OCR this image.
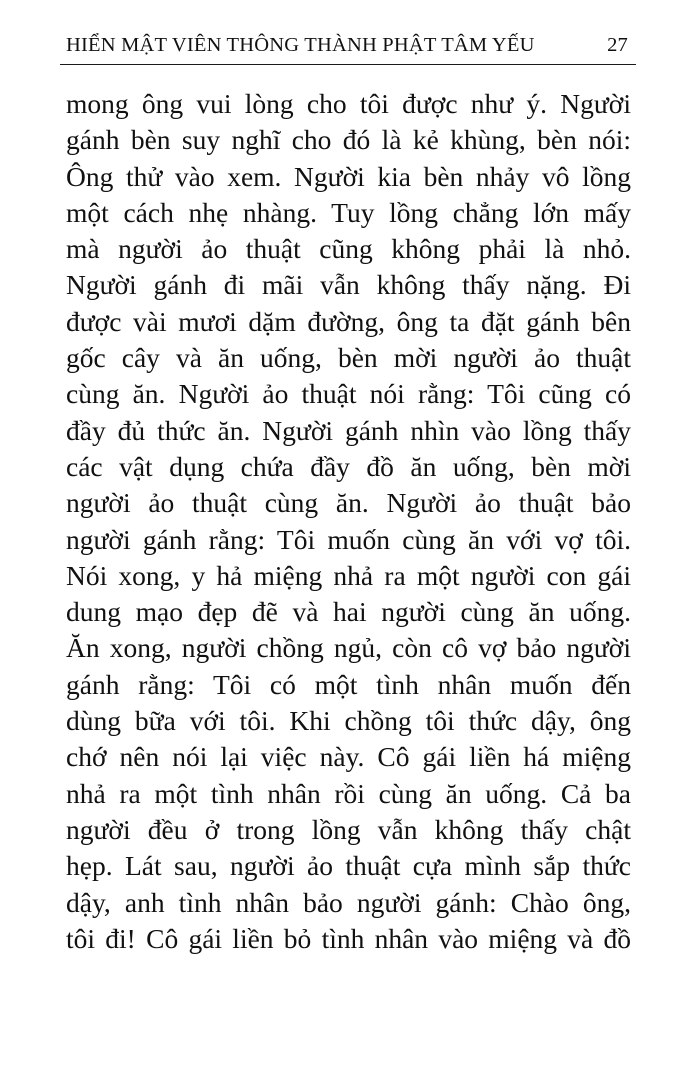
HIỂN MẬT VIÊN THÔNG THÀNH PHẬT TÂM YẾU	27
mong ông vui lòng cho tôi được như ý. Người
gánh bèn suy nghĩ cho đó là kẻ khùng, bèn nói:
Ông thử vào xem. Người kia bèn nhảy vô lồng
một cách nhẹ nhàng. Tuy lồng chẳng lớn mấy
mà người ảo thuật cũng không phải là nhỏ.
Người gánh đi mãi vẫn không thấy nặng. Đi
được vài mươi dặm đường, ông ta đặt gánh bên
gốc cây và ăn uống, bèn mời người ảo thuật
cùng ăn. Người ảo thuật nói rằng: Tôi cũng có
đầy đủ thức ăn. Người gánh nhìn vào lồng thấy
các vật dụng chứa đầy đồ ăn uống, bèn mời
người ảo thuật cùng ăn. Người ảo thuật bảo
người gánh rằng: Tôi muốn cùng ăn với vợ tôi.
Nói xong, y hả miệng nhả ra một người con gái
dung mạo đẹp đẽ và hai người cùng ăn uống.
Ăn xong, người chồng ngủ, còn cô vợ bảo người
gánh rằng: Tôi có một tình nhân muốn đến
dùng bữa với tôi. Khi chồng tôi thức dậy, ông
chớ nên nói lại việc này. Cô gái liền há miệng
nhả ra một tình nhân rồi cùng ăn uống. Cả ba
người đều ở trong lồng vẫn không thấy chật
hẹp. Lát sau, người ảo thuật cựa mình sắp thức
dậy, anh tình nhân bảo người gánh: Chào ông,
tôi đi! Cô gái liền bỏ tình nhân vào miệng và đồ
